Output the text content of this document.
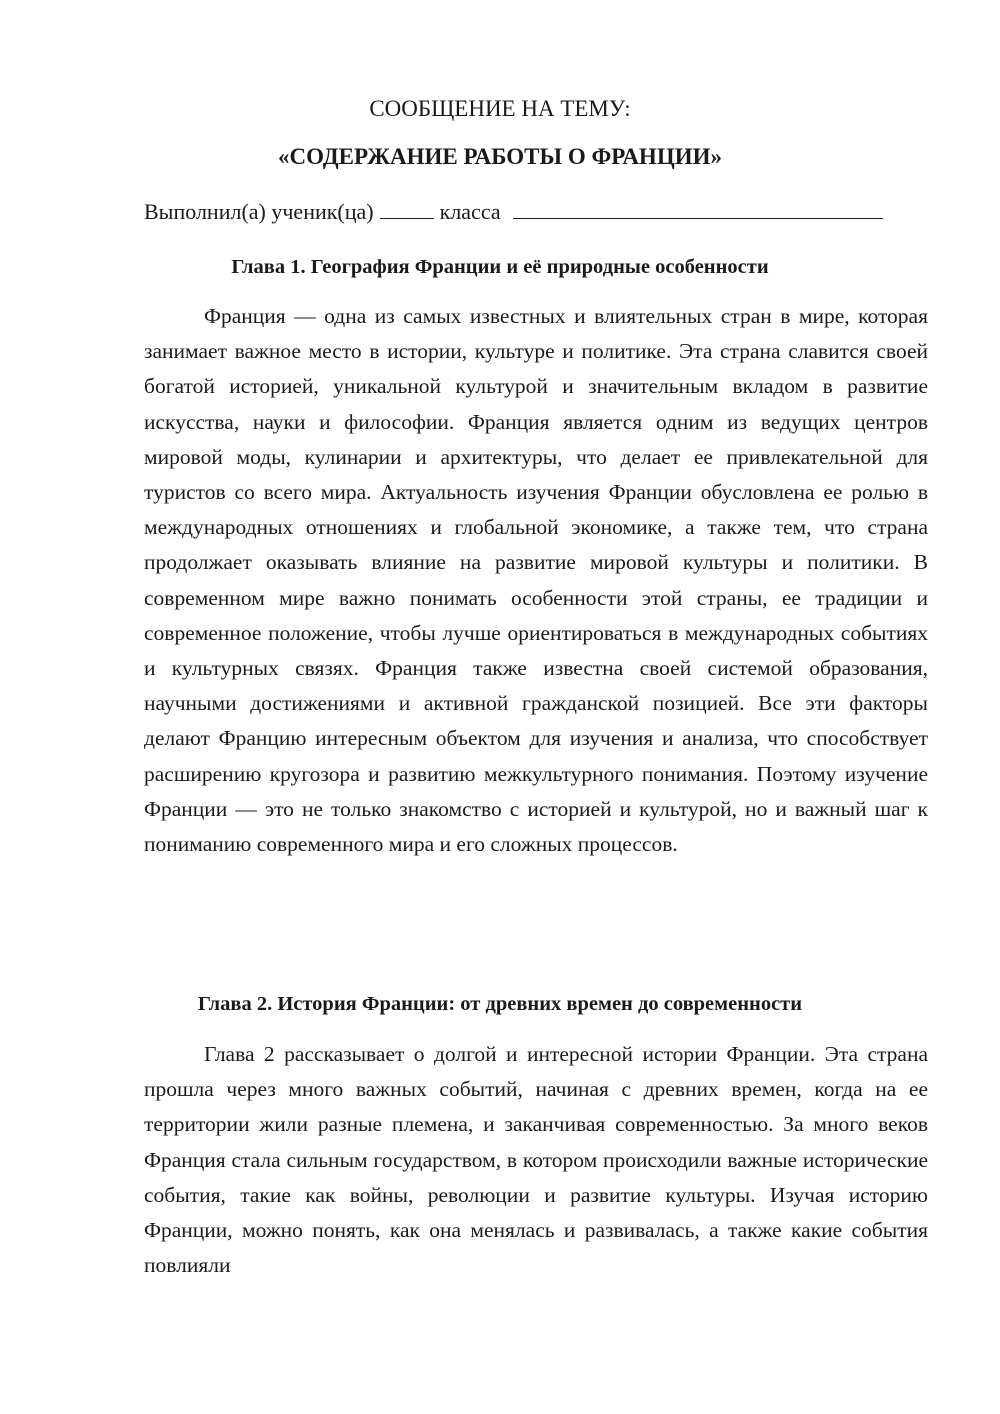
СООБЩЕНИЕ НА ТЕМУ:
«СОДЕРЖАНИЕ РАБОТЫ О ФРАНЦИИ»
Выполнил(а) ученик(ца)	класса
Глава 1. География Франции и её природные особенности

Франция — одна из самых известных и влиятельных стран в мире, которая занимает важное место в истории, культуре и политике. Эта страна славится своей богатой историей, уникальной культурой и значительным вкладом в развитие искусства, науки и философии. Франция является одним из ведущих центров мировой моды, кулинарии и архитектуры, что делает ее привлекательной для туристов со всего мира. Актуальность изучения Франции обусловлена ее ролью в международных отношениях и глобальной экономике, а также тем, что страна продолжает оказывать влияние на развитие мировой культуры и политики. В современном мире важно понимать особенности этой страны, ее традиции и современное положение, чтобы лучше ориентироваться в международных событиях и культурных связях. Франция также известна своей системой образования, научными достижениями и активной гражданской позицией. Все эти факторы делают Францию интересным объектом для изучения и анализа, что способствует расширению кругозора и развитию межкультурного понимания. Поэтому изучение Франции — это не только знакомство с историей и культурой, но и важный шаг к пониманию современного мира и его сложных процессов.

Глава 2. История Франции: от древних времен до современности

Глава 2 рассказывает о долгой и интересной истории Франции. Эта страна прошла через много важных событий, начиная с древних времен, когда на ее территории жили разные племена, и заканчивая современностью. За много веков Франция стала сильным государством, в котором происходили важные исторические события, такие как войны, революции и развитие культуры. Изучая историю Франции, можно понять, как она менялась и развивалась, а также какие события повлияли
